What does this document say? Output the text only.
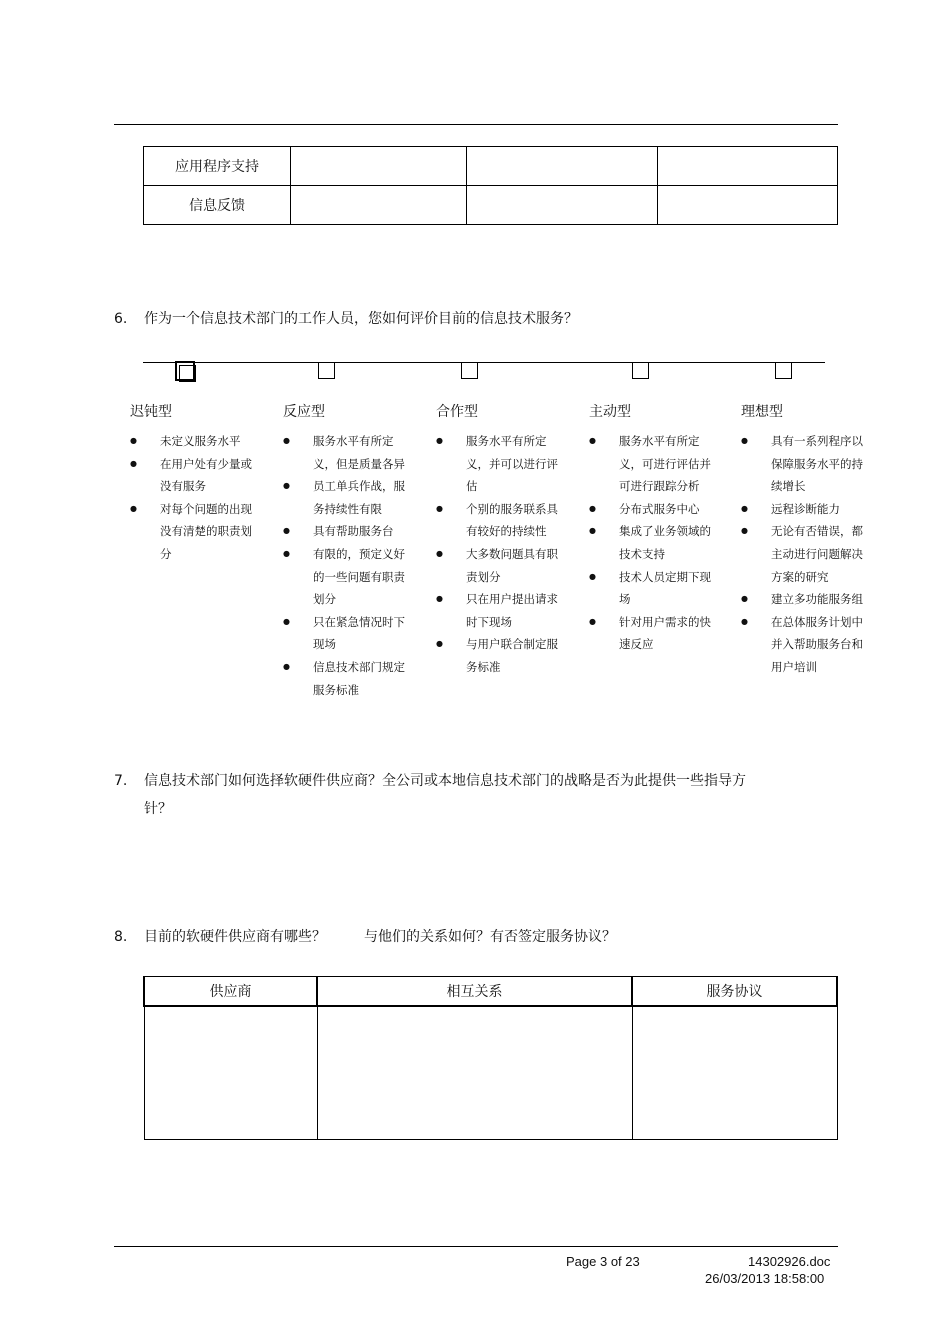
应用程序支持			
信息反馈			
6. 作为一个信息技术部门的工作人员，您如何评价目前的信息技术服务？
迟钝型
● 未定义服务水平
● 在用户处有少量或没有服务
● 对每个问题的出现没有清楚的职责划分
反应型
● 服务水平有所定义，但是质量各异
● 员工单兵作战，服务持续性有限
● 具有帮助服务台
● 有限的，预定义好的一些问题有职责划分
● 只在紧急情况时下现场
● 信息技术部门规定服务标准
合作型
● 服务水平有所定义，并可以进行评估
● 个别的服务联系具有较好的持续性
● 大多数问题具有职责划分
● 只在用户提出请求时下现场
● 与用户联合制定服务标准
主动型
● 服务水平有所定义，可进行评估并可进行跟踪分析
● 分布式服务中心
● 集成了业务领域的技术支持
● 技术人员定期下现场
● 针对用户需求的快速反应
理想型
● 具有一系列程序以保障服务水平的持续增长
● 远程诊断能力
● 无论有否错误，都主动进行问题解决方案的研究
● 建立多功能服务组
● 在总体服务计划中并入帮助服务台和用户培训
7. 信息技术部门如何选择软硬件供应商？全公司或本地信息技术部门的战略是否为此提供一些指导方
针？
8. 目前的软硬件供应商有哪些？	与他们的关系如何？有否签定服务协议？
供应商	相互关系	服务协议

Page 3 of 23	14302926.doc
26/03/2013 18:58:00
